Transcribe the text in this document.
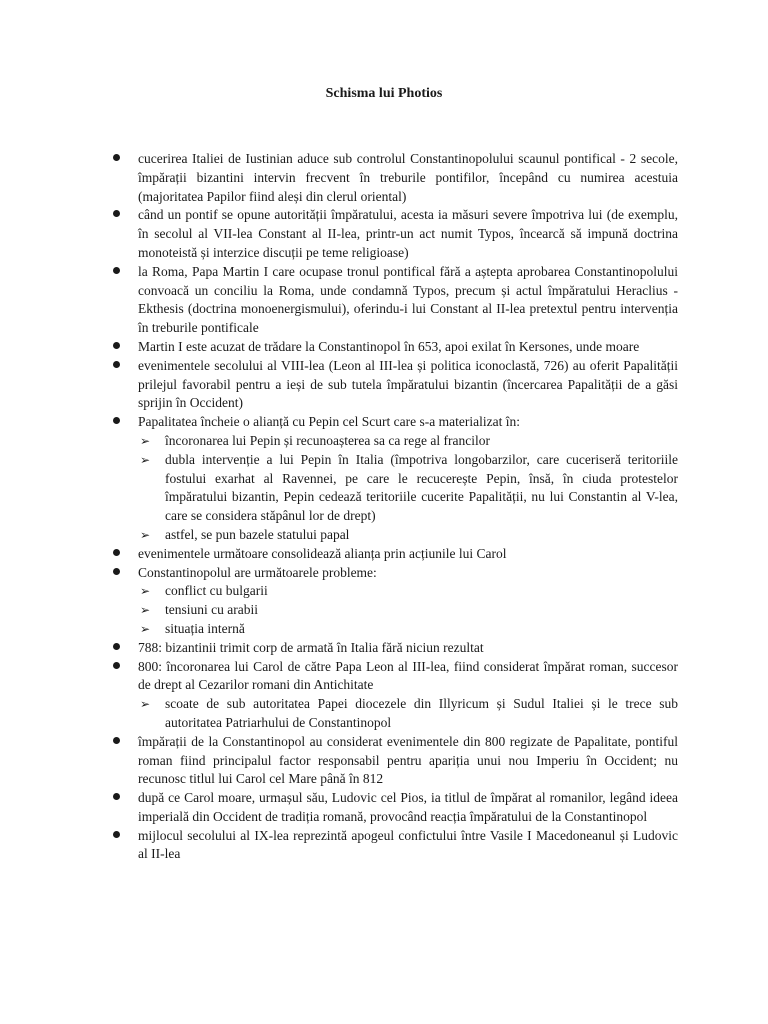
Schisma lui Photios

cucerirea Italiei de Iustinian aduce sub controlul Constantinopolului scaunul pontifical - 2 secole, împărații bizantini intervin frecvent în treburile pontifilor, începând cu numirea acestuia (majoritatea Papilor fiind aleși din clerul oriental)

când un pontif se opune autorității împăratului, acesta ia măsuri severe împotriva lui (de exemplu, în secolul al VII-lea Constant al II-lea, printr-un act numit Typos, încearcă să impună doctrina monoteistă și interzice discuții pe teme religioase)

la Roma, Papa Martin I care ocupase tronul pontifical fără a aștepta aprobarea Constantinopolului convoacă un conciliu la Roma, unde condamnă Typos, precum și actul împăratului Heraclius - Ekthesis (doctrina monoenergismului), oferindu-i lui Constant al II-lea pretextul pentru intervenția în treburile pontificale

Martin I este acuzat de trădare la Constantinopol în 653, apoi exilat în Kersones, unde moare

evenimentele secolului al VIII-lea (Leon al III-lea și politica iconoclastă, 726) au oferit Papalității prilejul favorabil pentru a ieși de sub tutela împăratului bizantin (încercarea Papalității de a găsi sprijin în Occident)

Papalitatea încheie o alianță cu Pepin cel Scurt care s-a materializat în:

➢ încoronarea lui Pepin și recunoașterea sa ca rege al francilor

➢ dubla intervenție a lui Pepin în Italia (împotriva longobarzilor, care cuceriseră teritoriile fostului exarhat al Ravennei, pe care le recucerește Pepin, însă, în ciuda protestelor împăratului bizantin, Pepin cedează teritoriile cucerite Papalității, nu lui Constantin al V-lea, care se considera stăpânul lor de drept)

➢ astfel, se pun bazele statului papal

evenimentele următoare consolidează alianța prin acțiunile lui Carol

Constantinopolul are următoarele probleme:

➢ conflict cu bulgarii

➢ tensiuni cu arabii

➢ situația internă

788: bizantinii trimit corp de armată în Italia fără niciun rezultat

800: încoronarea lui Carol de către Papa Leon al III-lea, fiind considerat împărat roman, succesor de drept al Cezarilor romani din Antichitate

➢ scoate de sub autoritatea Papei diocezele din Illyricum și Sudul Italiei și le trece sub autoritatea Patriarhului de Constantinopol

împărații de la Constantinopol au considerat evenimentele din 800 regizate de Papalitate, pontiful roman fiind principalul factor responsabil pentru apariția unui nou Imperiu în Occident; nu recunosc titlul lui Carol cel Mare până în 812

după ce Carol moare, urmașul său, Ludovic cel Pios, ia titlul de împărat al romanilor, legând ideea imperială din Occident de tradiția romană, provocând reacția împăratului de la Constantinopol

mijlocul secolului al IX-lea reprezintă apogeul confictului între Vasile I Macedoneanul și Ludovic al II-lea
